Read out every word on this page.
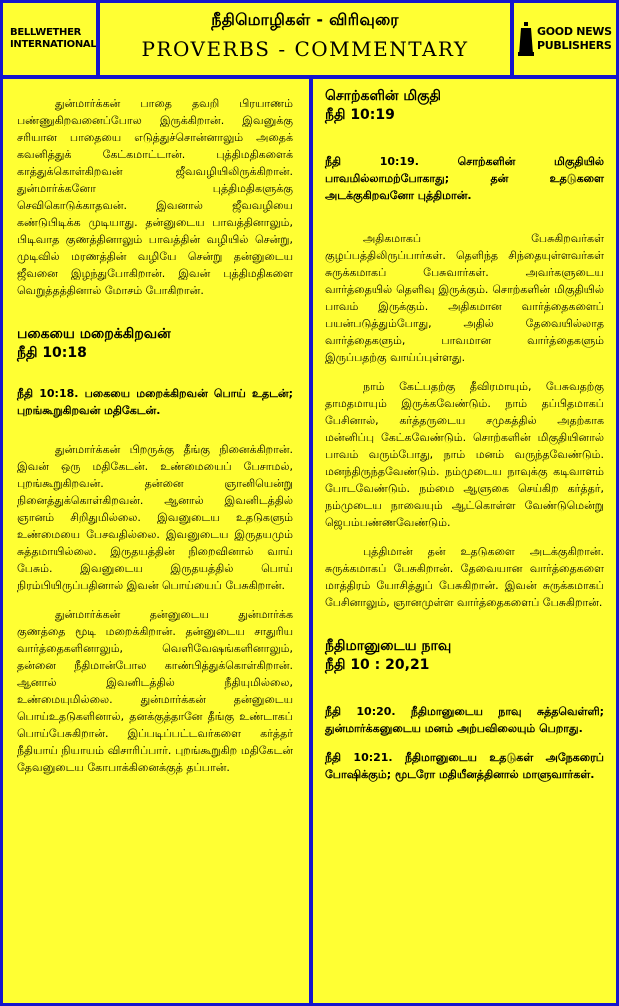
BELLWETHER
INTERNATIONAL
நீதிமொழிகள் - விரிவுரை
PROVERBS - COMMENTARY
GOOD NEWS
PUBLISHERS

துன்மார்க்கன் பாதை தவறி பிரயாணம் பண்ணுகிறவனைப்போல இருக்கிறான். இவனுக்கு சரியான பாதையை எடுத்துச்சொன்னாலும் அதைக் கவனித்துக் கேட்கமாட்டான். புத்திமதிகளைக் காத்துக்கொள்கிறவன் ஜீவவழியிலிருக்கிறான். துன்மார்க்கனோ புத்திமதிகளுக்கு செவிகொடுக்காதவன். இவனால் ஜீவவழியை கண்டுபிடிக்க முடியாது. தன்னுடைய பாவத்தினாலும், பிடிவாத குணத்தினாலும் பாவத்தின் வழியில் சென்று, முடிவில் மரணத்தின் வழியே சென்று தன்னுடைய ஜீவனை இழந்துபோகிறான். இவன் புத்திமதிகளை வெறுத்தத்தினால் மோசம் போகிறான்.

பகையை மறைக்கிறவன்

நீதி 10:18

நீதி 10:18. பகையை மறைக்கிறவன் பொய் உதடன்; புறங்கூறுகிறவன் மதிகேடன்.

துன்மார்க்கன் பிறருக்கு தீங்கு நினைக்கிறான். இவன் ஒரு மதிகேடன். உண்மையைப் பேசாமல், புறங்கூறுகிறவன். தன்னை ஞானியென்று நினைத்துக்கொள்கிறவன். ஆனால் இவனிடத்தில் ஞானம் சிறிதுமில்லை. இவனுடைய உதடுகளும் உண்மையை பேசவதில்லை. இவனுடைய இருதயமும் சுத்தமாயில்லை. இருதயத்தின் நிறைவினால் வாய் பேசும். இவனுடைய இருதயத்தில் பொய் நிரம்பியிருப்பதினால் இவன் பொய்யைப் பேசுகிறான்.

துன்மார்க்கன் தன்னுடைய துன்மார்க்க குணத்தை மூடி மறைக்கிறான். தன்னுடைய சாதுரிய வார்த்தைகளினாலும், வெளிவேஷங்களினாலும், தன்னை நீதிமான்போல காண்பித்துக்கொள்கிறான். ஆனால் இவனிடத்தில் நீதியுமில்லை, உண்மையுமில்லை. துன்மார்க்கன் தன்னுடைய பொய்உதடுகளினால், தனக்குத்தானே தீங்கு உண்டாகப் பொய்பேசுகிறான். இப்படிப்பட்டவர்களை கர்த்தர் நீதியாய் நியாயம் விசாரிப்பார். புறங்கூறுகிற மதிகேடன் தேவனுடைய கோபாக்கினைக்குத் தப்பான்.

சொற்களின் மிகுதி

நீதி 10:19

நீதி 10:19. சொற்களின் மிகுதியில் பாவமில்லாமற்போகாது; தன் உதடுகளை அடக்குகிறவனோ புத்திமான்.

அதிகமாகப் பேசுகிறவர்கள் குழப்பத்திலிருப்பார்கள். தெளிந்த சிந்தையுள்ளவர்கள் சுருக்கமாகப் பேசுவார்கள். அவர்களுடைய வார்த்தையில் தெளிவு இருக்கும். சொற்களின் மிகுதியில் பாவம் இருக்கும். அதிகமான வார்த்தைகளைப் பயன்படுத்தும்போது, அதில் தேவையில்லாத வார்த்தைகளும், பாவமான வார்த்தைகளும் இருப்பதற்கு வாய்ப்புள்ளது.

நாம் கேட்பதற்கு தீவிரமாயும், பேசுவதற்கு தாமதமாயும் இருக்கவேண்டும். நாம் தப்பிதமாகப் பேசினால், கர்த்தருடைய சமுகத்தில் அதற்காக மன்னிப்பு கேட்கவேண்டும். சொற்களின் மிகுதியினால் பாவம் வரும்போது, நாம் மனம் வருந்தவேண்டும். மனந்திருந்தவேண்டும். நம்முடைய நாவுக்கு கடிவாளம் போடவேண்டும். நம்மை ஆளுகை செய்கிற கர்த்தர், நம்முடைய நாவையும் ஆட்கொள்ள வேண்டுமென்று ஜெபம்பண்ணவேண்டும்.

புத்திமான் தன் உதடுகளை அடக்குகிறான். சுருக்கமாகப் பேசுகிறான். தேவையான வார்த்தைகளை மாத்திரம் யோசித்துப் பேசுகிறான். இவன் சுருக்கமாகப் பேசினாலும், ஞானமுள்ள வார்த்தைகளைப் பேசுகிறான்.

நீதிமானுடைய நாவு

நீதி 10 : 20,21

நீதி 10:20. நீதிமானுடைய நாவு சுத்தவெள்ளி; துன்மார்க்கனுடைய மனம் அற்பவிலையும் பெறாது.

நீதி 10:21. நீதிமானுடைய உதடுகள் அநேகரைப் போஷிக்கும்; மூடரோ மதியீனத்தினால் மாளுவார்கள்.
